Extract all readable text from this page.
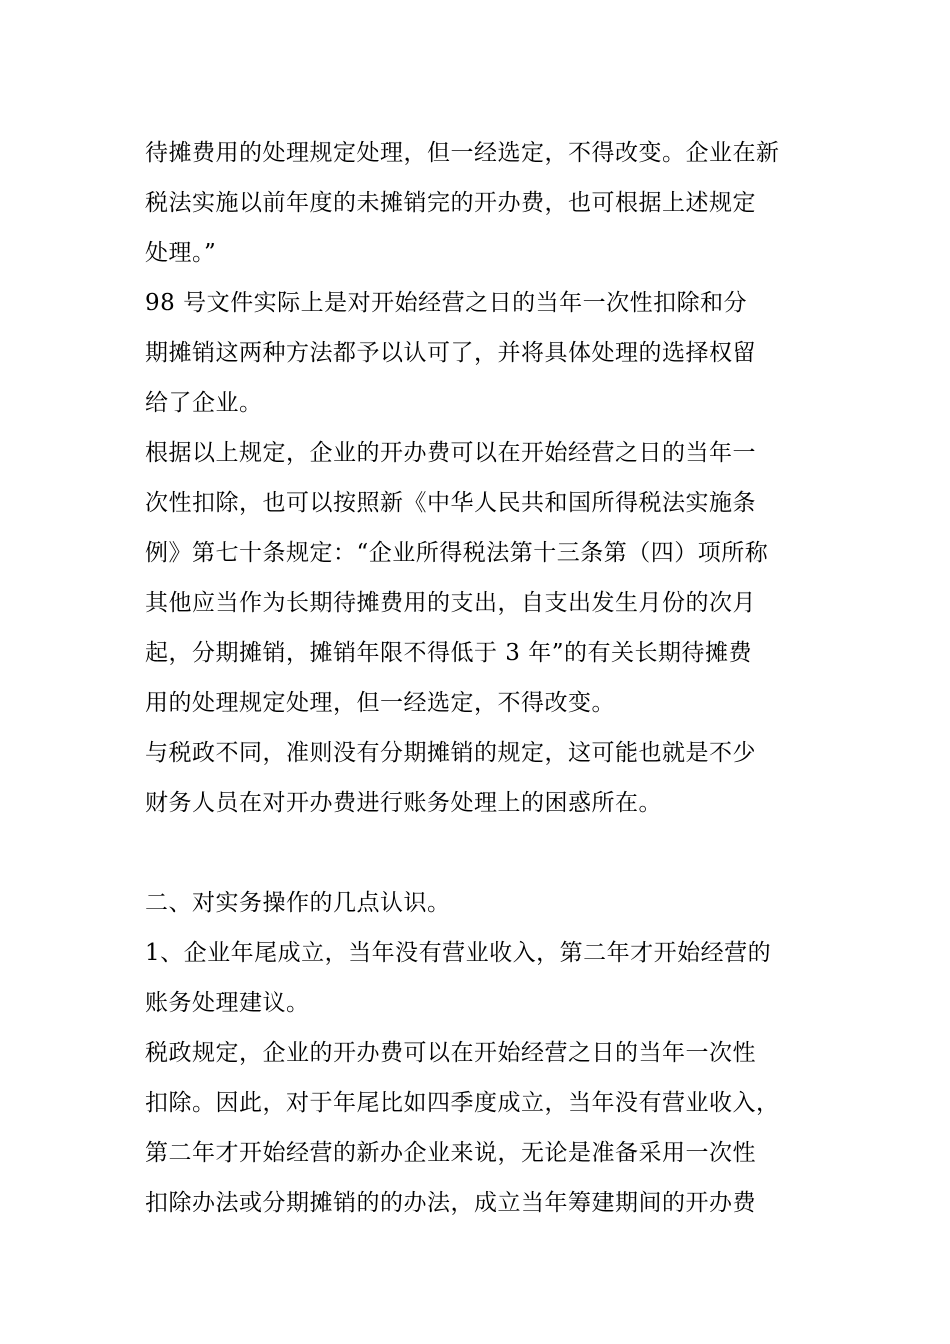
待摊费用的处理规定处理，但一经选定，不得改变。企业在新
税法实施以前年度的未摊销完的开办费，也可根据上述规定
处理。”
98 号文件实际上是对开始经营之日的当年一次性扣除和分
期摊销这两种方法都予以认可了，并将具体处理的选择权留
给了企业。
根据以上规定，企业的开办费可以在开始经营之日的当年一
次性扣除，也可以按照新《中华人民共和国所得税法实施条
例》第七十条规定：“企业所得税法第十三条第（四）项所称
其他应当作为长期待摊费用的支出，自支出发生月份的次月
起，分期摊销，摊销年限不得低于 3 年”的有关长期待摊费
用的处理规定处理，但一经选定，不得改变。
与税政不同，准则没有分期摊销的规定，这可能也就是不少
财务人员在对开办费进行账务处理上的困惑所在。
二、对实务操作的几点认识。
1、企业年尾成立，当年没有营业收入，第二年才开始经营的
账务处理建议。
税政规定，企业的开办费可以在开始经营之日的当年一次性
扣除。因此，对于年尾比如四季度成立，当年没有营业收入，
第二年才开始经营的新办企业来说，无论是准备采用一次性
扣除办法或分期摊销的的办法，成立当年筹建期间的开办费
